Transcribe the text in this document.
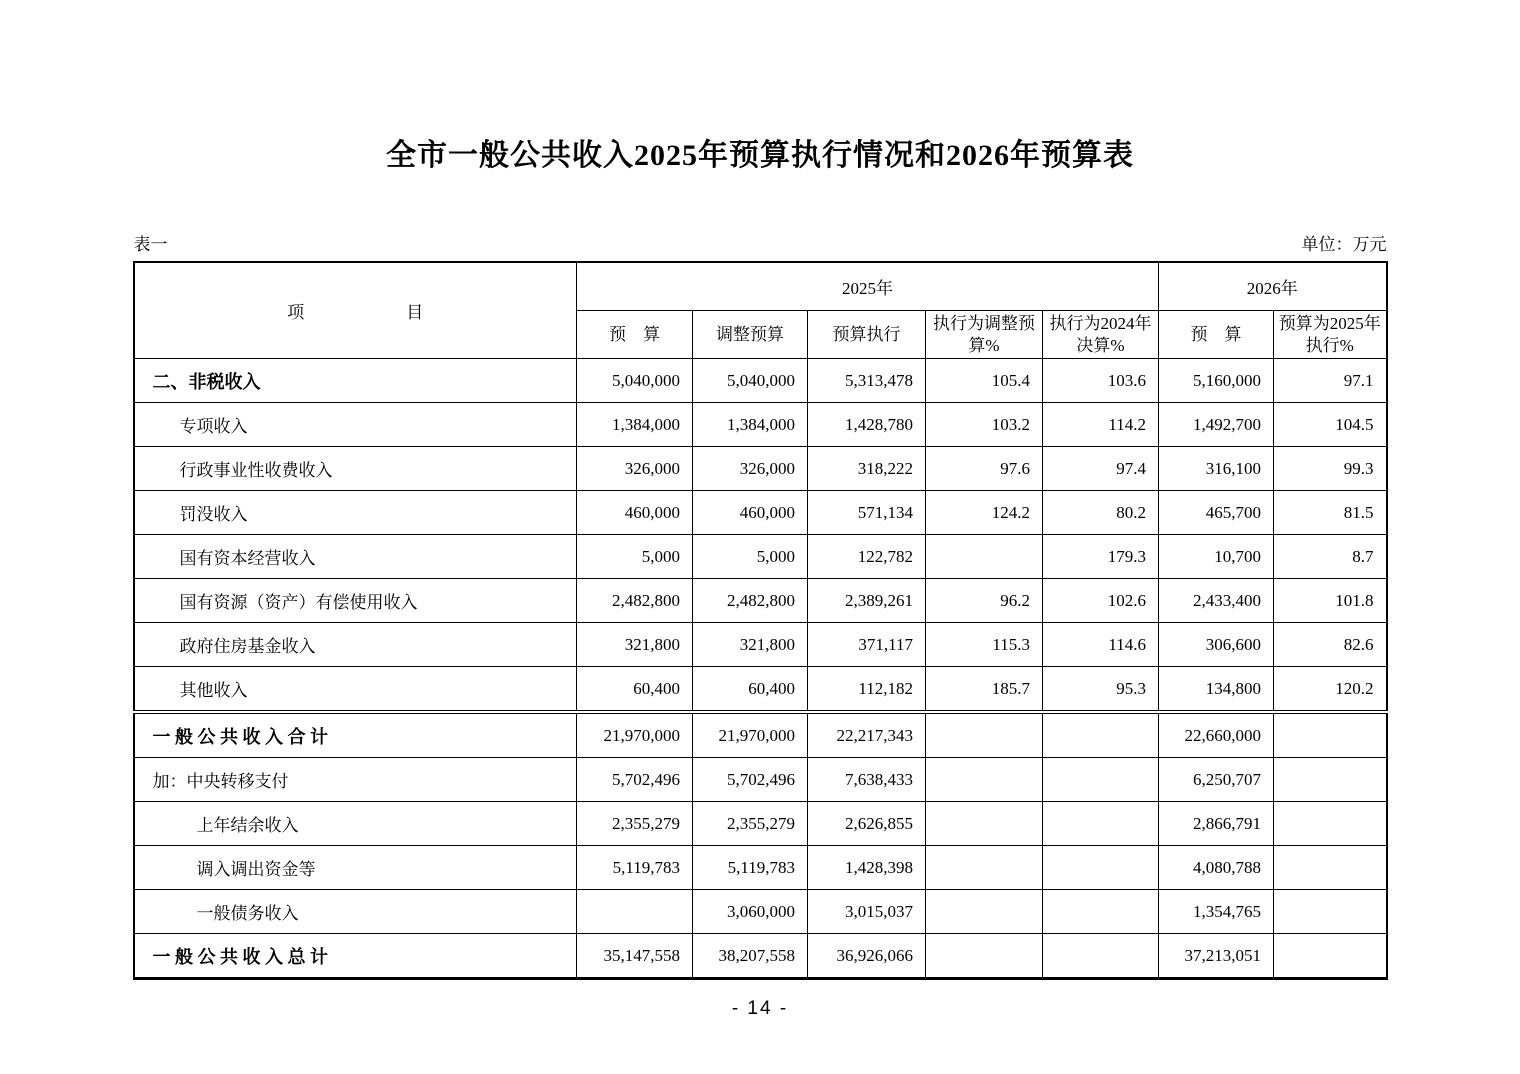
全市一般公共收入2025年预算执行情况和2026年预算表
表一	单位：万元
项　　　　　　目	2025年					2026年	
	预　算	调整预算	预算执行	执行为调整预算%	执行为2024年决算%	预　算	预算为2025年执行%
二、非税收入	5,040,000	5,040,000	5,313,478	105.4	103.6	5,160,000	97.1
专项收入	1,384,000	1,384,000	1,428,780	103.2	114.2	1,492,700	104.5
行政事业性收费收入	326,000	326,000	318,222	97.6	97.4	316,100	99.3
罚没收入	460,000	460,000	571,134	124.2	80.2	465,700	81.5
国有资本经营收入	5,000	5,000	122,782		179.3	10,700	8.7
国有资源（资产）有偿使用收入	2,482,800	2,482,800	2,389,261	96.2	102.6	2,433,400	101.8
政府住房基金收入	321,800	321,800	371,117	115.3	114.6	306,600	82.6
其他收入	60,400	60,400	112,182	185.7	95.3	134,800	120.2
一 般 公 共 收 入 合 计	21,970,000	21,970,000	22,217,343			22,660,000	
加：中央转移支付	5,702,496	5,702,496	7,638,433			6,250,707	
上年结余收入	2,355,279	2,355,279	2,626,855			2,866,791	
调入调出资金等	5,119,783	5,119,783	1,428,398			4,080,788	
一般债务收入		3,060,000	3,015,037			1,354,765	
一 般 公 共 收 入 总 计	35,147,558	38,207,558	36,926,066			37,213,051	
- 14 -
